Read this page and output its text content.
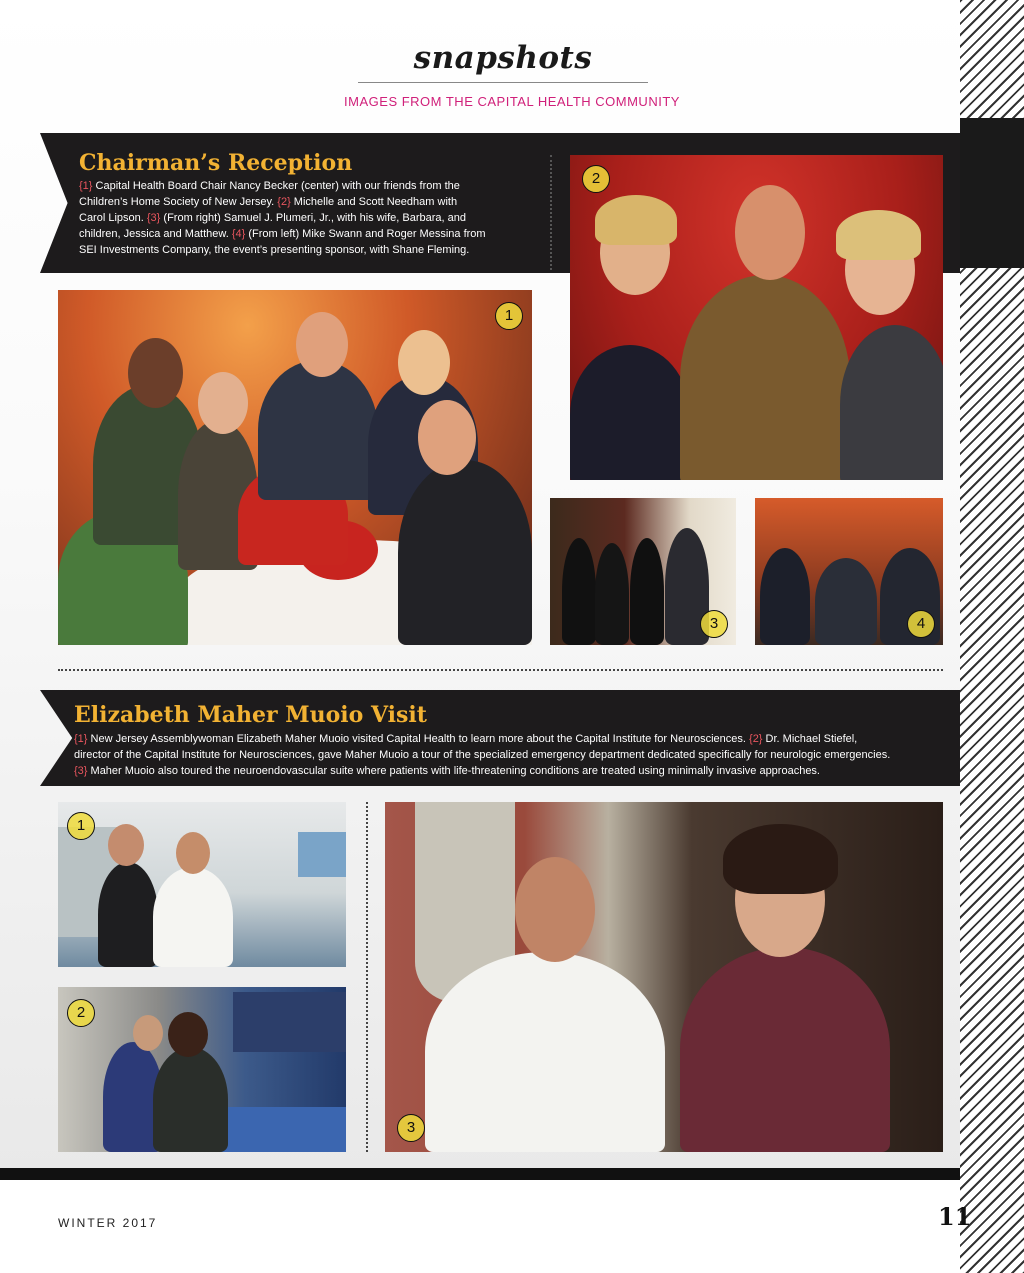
snapshots
IMAGES FROM THE CAPITAL HEALTH COMMUNITY
Chairman’s Reception
{1} Capital Health Board Chair Nancy Becker (center) with our friends from the
Children’s Home Society of New Jersey. {2} Michelle and Scott Needham with
Carol Lipson. {3} (From right) Samuel J. Plumeri, Jr., with his wife, Barbara, and
children, Jessica and Matthew. {4} (From left) Mike Swann and Roger Messina from
SEI Investments Company, the event’s presenting sponsor, with Shane Fleming.
2
1
3	4
Elizabeth Maher Muoio Visit
{1} New Jersey Assemblywoman Elizabeth Maher Muoio visited Capital Health to learn more about the Capital Institute for Neurosciences. {2} Dr. Michael Stiefel,
director of the Capital Institute for Neurosciences, gave Maher Muoio a tour of the specialized emergency department dedicated specifically for neurologic emergencies.
{3} Maher Muoio also toured the neuroendovascular suite where patients with life-threatening conditions are treated using minimally invasive approaches.
1
2
3
WINTER 2017	11
